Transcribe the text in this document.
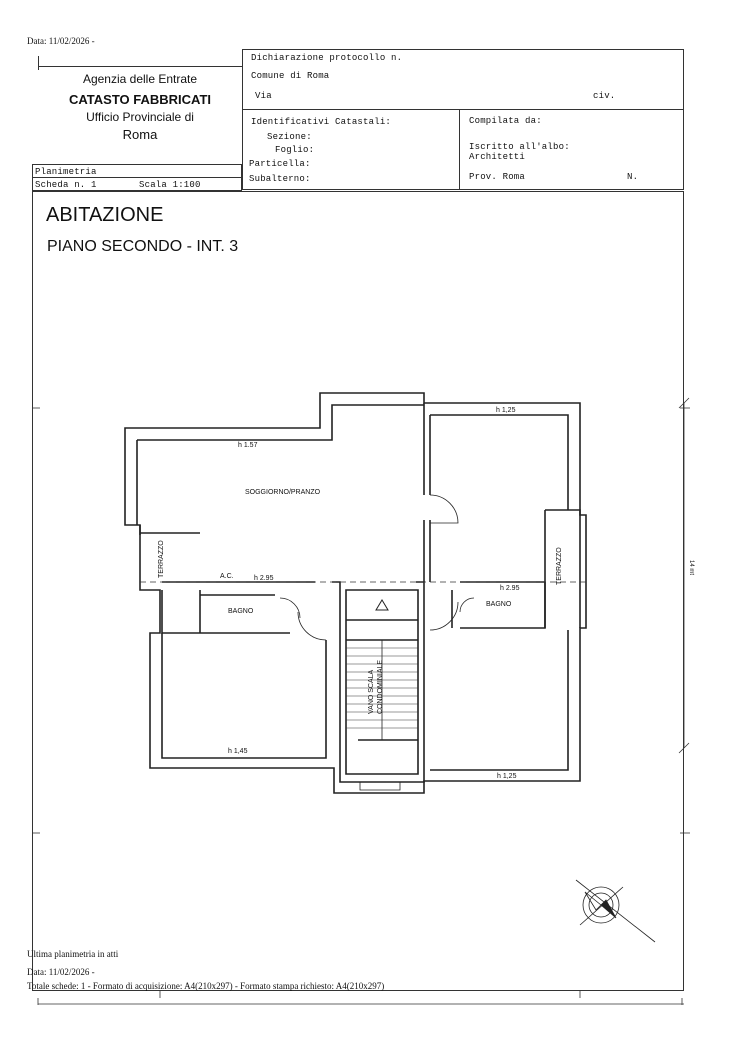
Data: 11/02/2026 -
Agenzia delle Entrate
CATASTO FABBRICATI
Ufficio Provinciale di
Roma
Planimetria
Scheda n. 1	Scala 1:100
Dichiarazione protocollo n.
Comune di Roma
Via	civ.
Identificativi Catastali:
Sezione:
Foglio:
Particella:
Subalterno:
Compilata da:
Iscritto all'albo:
Architetti
Prov. Roma	N.
ABITAZIONE
PIANO SECONDO - INT. 3
h 1.57
SOGGIORNO/PRANZO
h 1,25
TERRAZZO	A.C.	h 2.95
BAGNO
TERRAZZO
h 2.95
BAGNO
VANO SCALA CONDOMINIALE
h 1,45
h 1,25
14 mt
Ultima planimetria in atti
Data: 11/02/2026 -
Totale schede: 1 - Formato di acquisizione: A4(210x297) - Formato stampa richiesto: A4(210x297)
